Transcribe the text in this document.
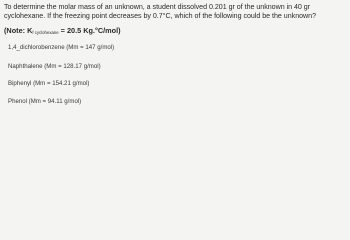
To determine the molar mass of an unknown, a student dissolved 0.201 gr of the unknown in 40 gr
cyclohexane. If the freezing point decreases by 0.7°C, which of the following could be the unknown?
(Note: $K_{f cyclohexane} = 20.5$ Kg.°C/mol)
1,4_dichlorobenzene (Mm = 147 g/mol)
Naphthalene (Mm = 128.17 g/mol)
Biphenyl (Mm = 154.21 g/mol)
Phenol (Mm = 94.11 g/mol)
